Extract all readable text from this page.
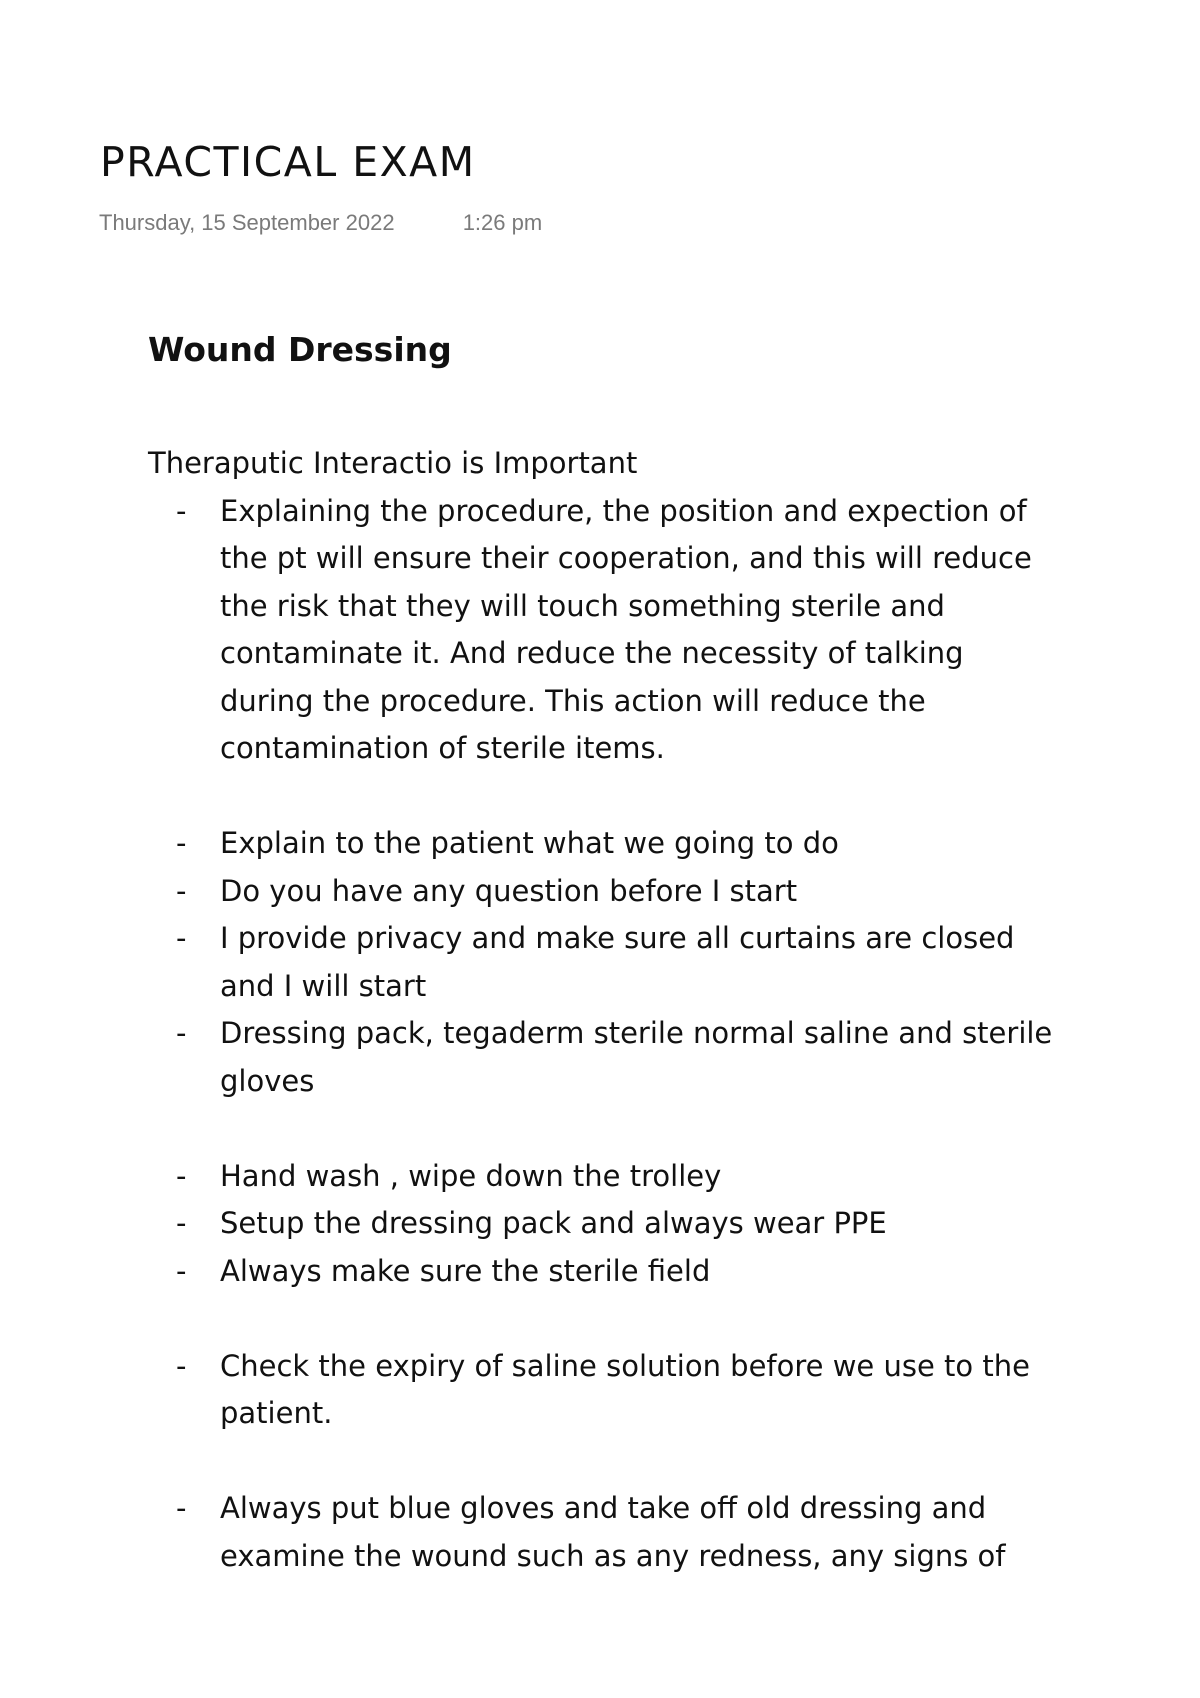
PRACTICAL EXAM
Thursday, 15 September 2022	1:26 pm
Wound Dressing

Theraputic Interactio is Important

- Explaining the procedure, the position and expection of the pt will ensure their cooperation, and this will reduce the risk that they will touch something sterile and contaminate it. And reduce the necessity of talking during the procedure. This action will reduce the contamination of sterile items.
- Explain to the patient what we going to do
- Do you have any question before I start
- I provide privacy and make sure all curtains are closed and I will start
- Dressing pack, tegaderm sterile normal saline and sterile gloves
- Hand wash , wipe down the trolley
- Setup the dressing pack and always wear PPE
- Always make sure the sterile field
- Check the expiry of saline solution before we use to the patient.
- Always put blue gloves and take off old dressing and examine the wound such as any redness, any signs of
